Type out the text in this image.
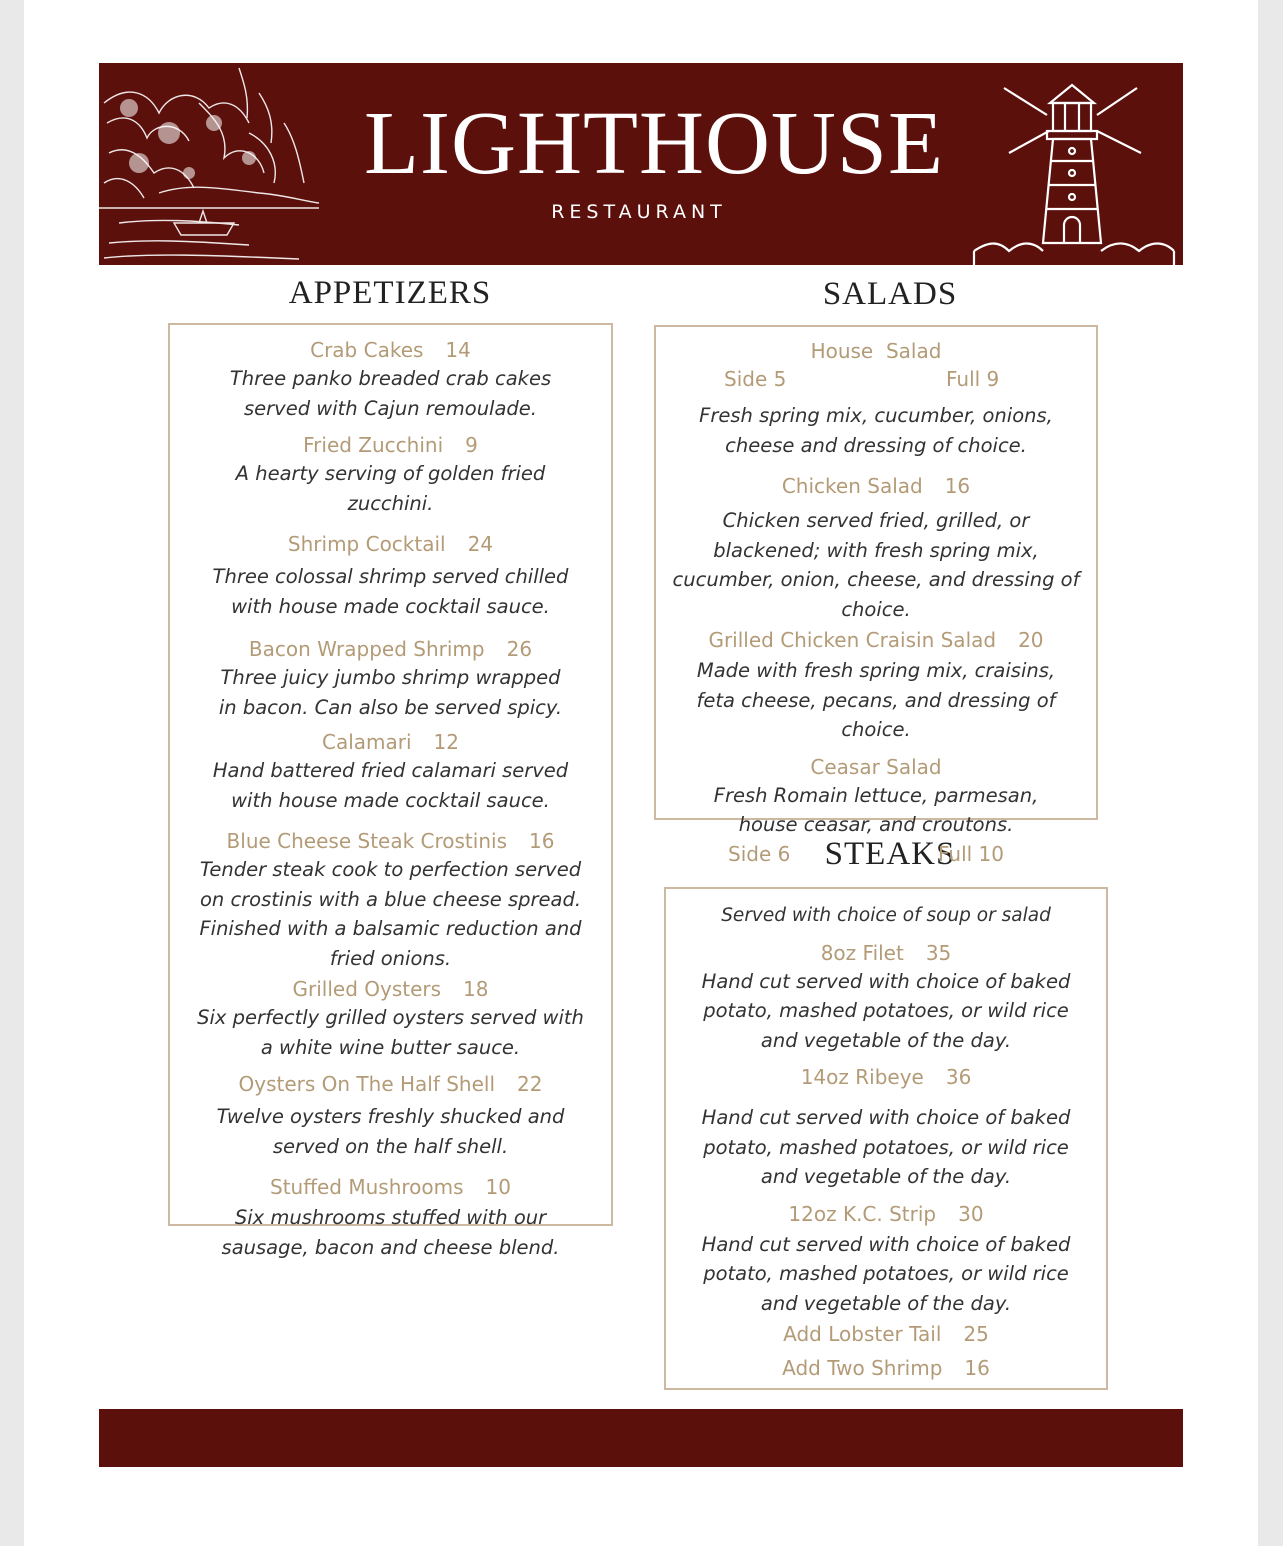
LIGHTHOUSE
RESTAURANT
APPETIZERS	SALADS
STEAKS
Crab Cakes 14
Three panko breaded crab cakes served with Cajun remoulade.
Fried Zucchini 9
A hearty serving of golden fried zucchini.
Shrimp Cocktail 24
Three colossal shrimp served chilled with house made cocktail sauce.
Bacon Wrapped Shrimp 26
Three juicy jumbo shrimp wrapped in bacon. Can also be served spicy.
Calamari 12
Hand battered fried calamari served with house made cocktail sauce.
Blue Cheese Steak Crostinis 16
Tender steak cook to perfection served on crostinis with a blue cheese spread. Finished with a balsamic reduction and fried onions.
Grilled Oysters 18
Six perfectly grilled oysters served with a white wine butter sauce.
Oysters On The Half Shell 22
Twelve oysters freshly shucked and served on the half shell.
Stuffed Mushrooms 10
Six mushrooms stuffed with our sausage, bacon and cheese blend.
House  Salad
Side 5	Full 9
Fresh spring mix, cucumber, onions, cheese and dressing of choice.
Chicken Salad 16
Chicken served fried, grilled, or blackened; with fresh spring mix, cucumber, onion, cheese, and dressing of choice.
Grilled Chicken Craisin Salad 20
Made with fresh spring mix, craisins, feta cheese, pecans, and dressing of choice.
Ceasar Salad
Fresh Romain lettuce, parmesan, house ceasar, and croutons.
Side 6	Full 10
Served with choice of soup or salad
8oz Filet 35
Hand cut served with choice of baked potato, mashed potatoes, or wild rice and vegetable of the day.
14oz Ribeye 36
Hand cut served with choice of baked potato, mashed potatoes, or wild rice and vegetable of the day.
12oz K.C. Strip 30
Hand cut served with choice of baked potato, mashed potatoes, or wild rice and vegetable of the day.
Add Lobster Tail 25
Add Two Shrimp 16
